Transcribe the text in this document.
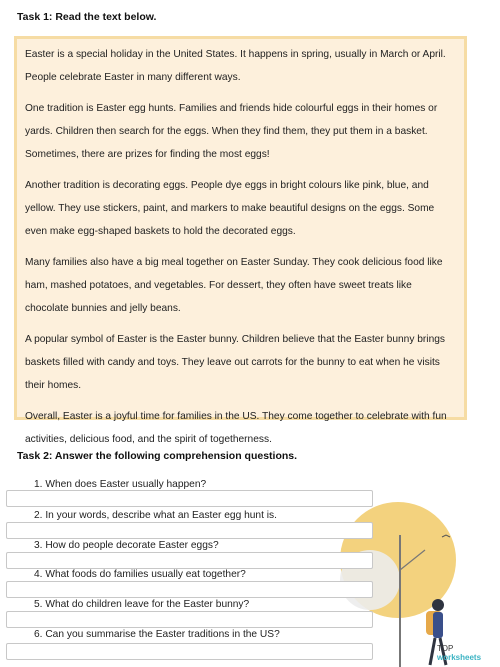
Task 1: Read the text below.

Easter is a special holiday in the United States. It happens in spring, usually in March or April. People celebrate Easter in many different ways.

One tradition is Easter egg hunts. Families and friends hide colourful eggs in their homes or yards. Children then search for the eggs. When they find them, they put them in a basket. Sometimes, there are prizes for finding the most eggs!

Another tradition is decorating eggs. People dye eggs in bright colours like pink, blue, and yellow. They use stickers, paint, and markers to make beautiful designs on the eggs. Some even make egg-shaped baskets to hold the decorated eggs.

Many families also have a big meal together on Easter Sunday. They cook delicious food like ham, mashed potatoes, and vegetables. For dessert, they often have sweet treats like chocolate bunnies and jelly beans.

A popular symbol of Easter is the Easter bunny. Children believe that the Easter bunny brings baskets filled with candy and toys. They leave out carrots for the bunny to eat when he visits their homes.

Overall, Easter is a joyful time for families in the US. They come together to celebrate with fun activities, delicious food, and the spirit of togetherness.

Task 2: Answer the following comprehension questions.
1. When does Easter usually happen?
2. In your words, describe what an Easter egg hunt is.
3. How do people decorate Easter eggs?
4. What foods do families usually eat together?
5. What do children leave for the Easter bunny?
6. Can you summarise the Easter traditions in the US?
TOP
worksheets
